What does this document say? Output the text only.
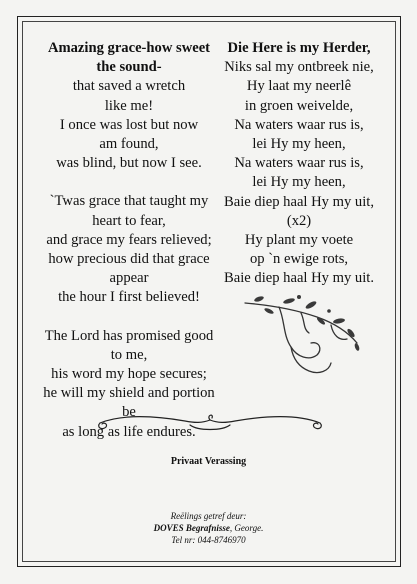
Amazing grace-how sweet
the sound-
that saved a wretch
like me!
I once was lost but now
am found,
was blind, but now I see.
`Twas grace that taught my
heart to fear,
and grace my fears relieved;
how precious did that grace
appear
the hour I first believed!
The Lord has promised good
to me,
his word my hope secures;
he will my shield and portion
be
as long as life endures.
Die Here is my Herder,
Niks sal my ontbreek nie,
Hy laat my neerlê
in groen weivelde,
Na waters waar rus is,
lei Hy my heen,
Na waters waar rus is,
lei Hy my heen,
Baie diep haal Hy my uit,
(x2)
Hy plant my voete
op `n ewige rots,
Baie diep haal Hy my uit.
Privaat Verassing
Reëlings getref deur:
DOVES Begrafnisse, George.
Tel nr: 044-8746970
